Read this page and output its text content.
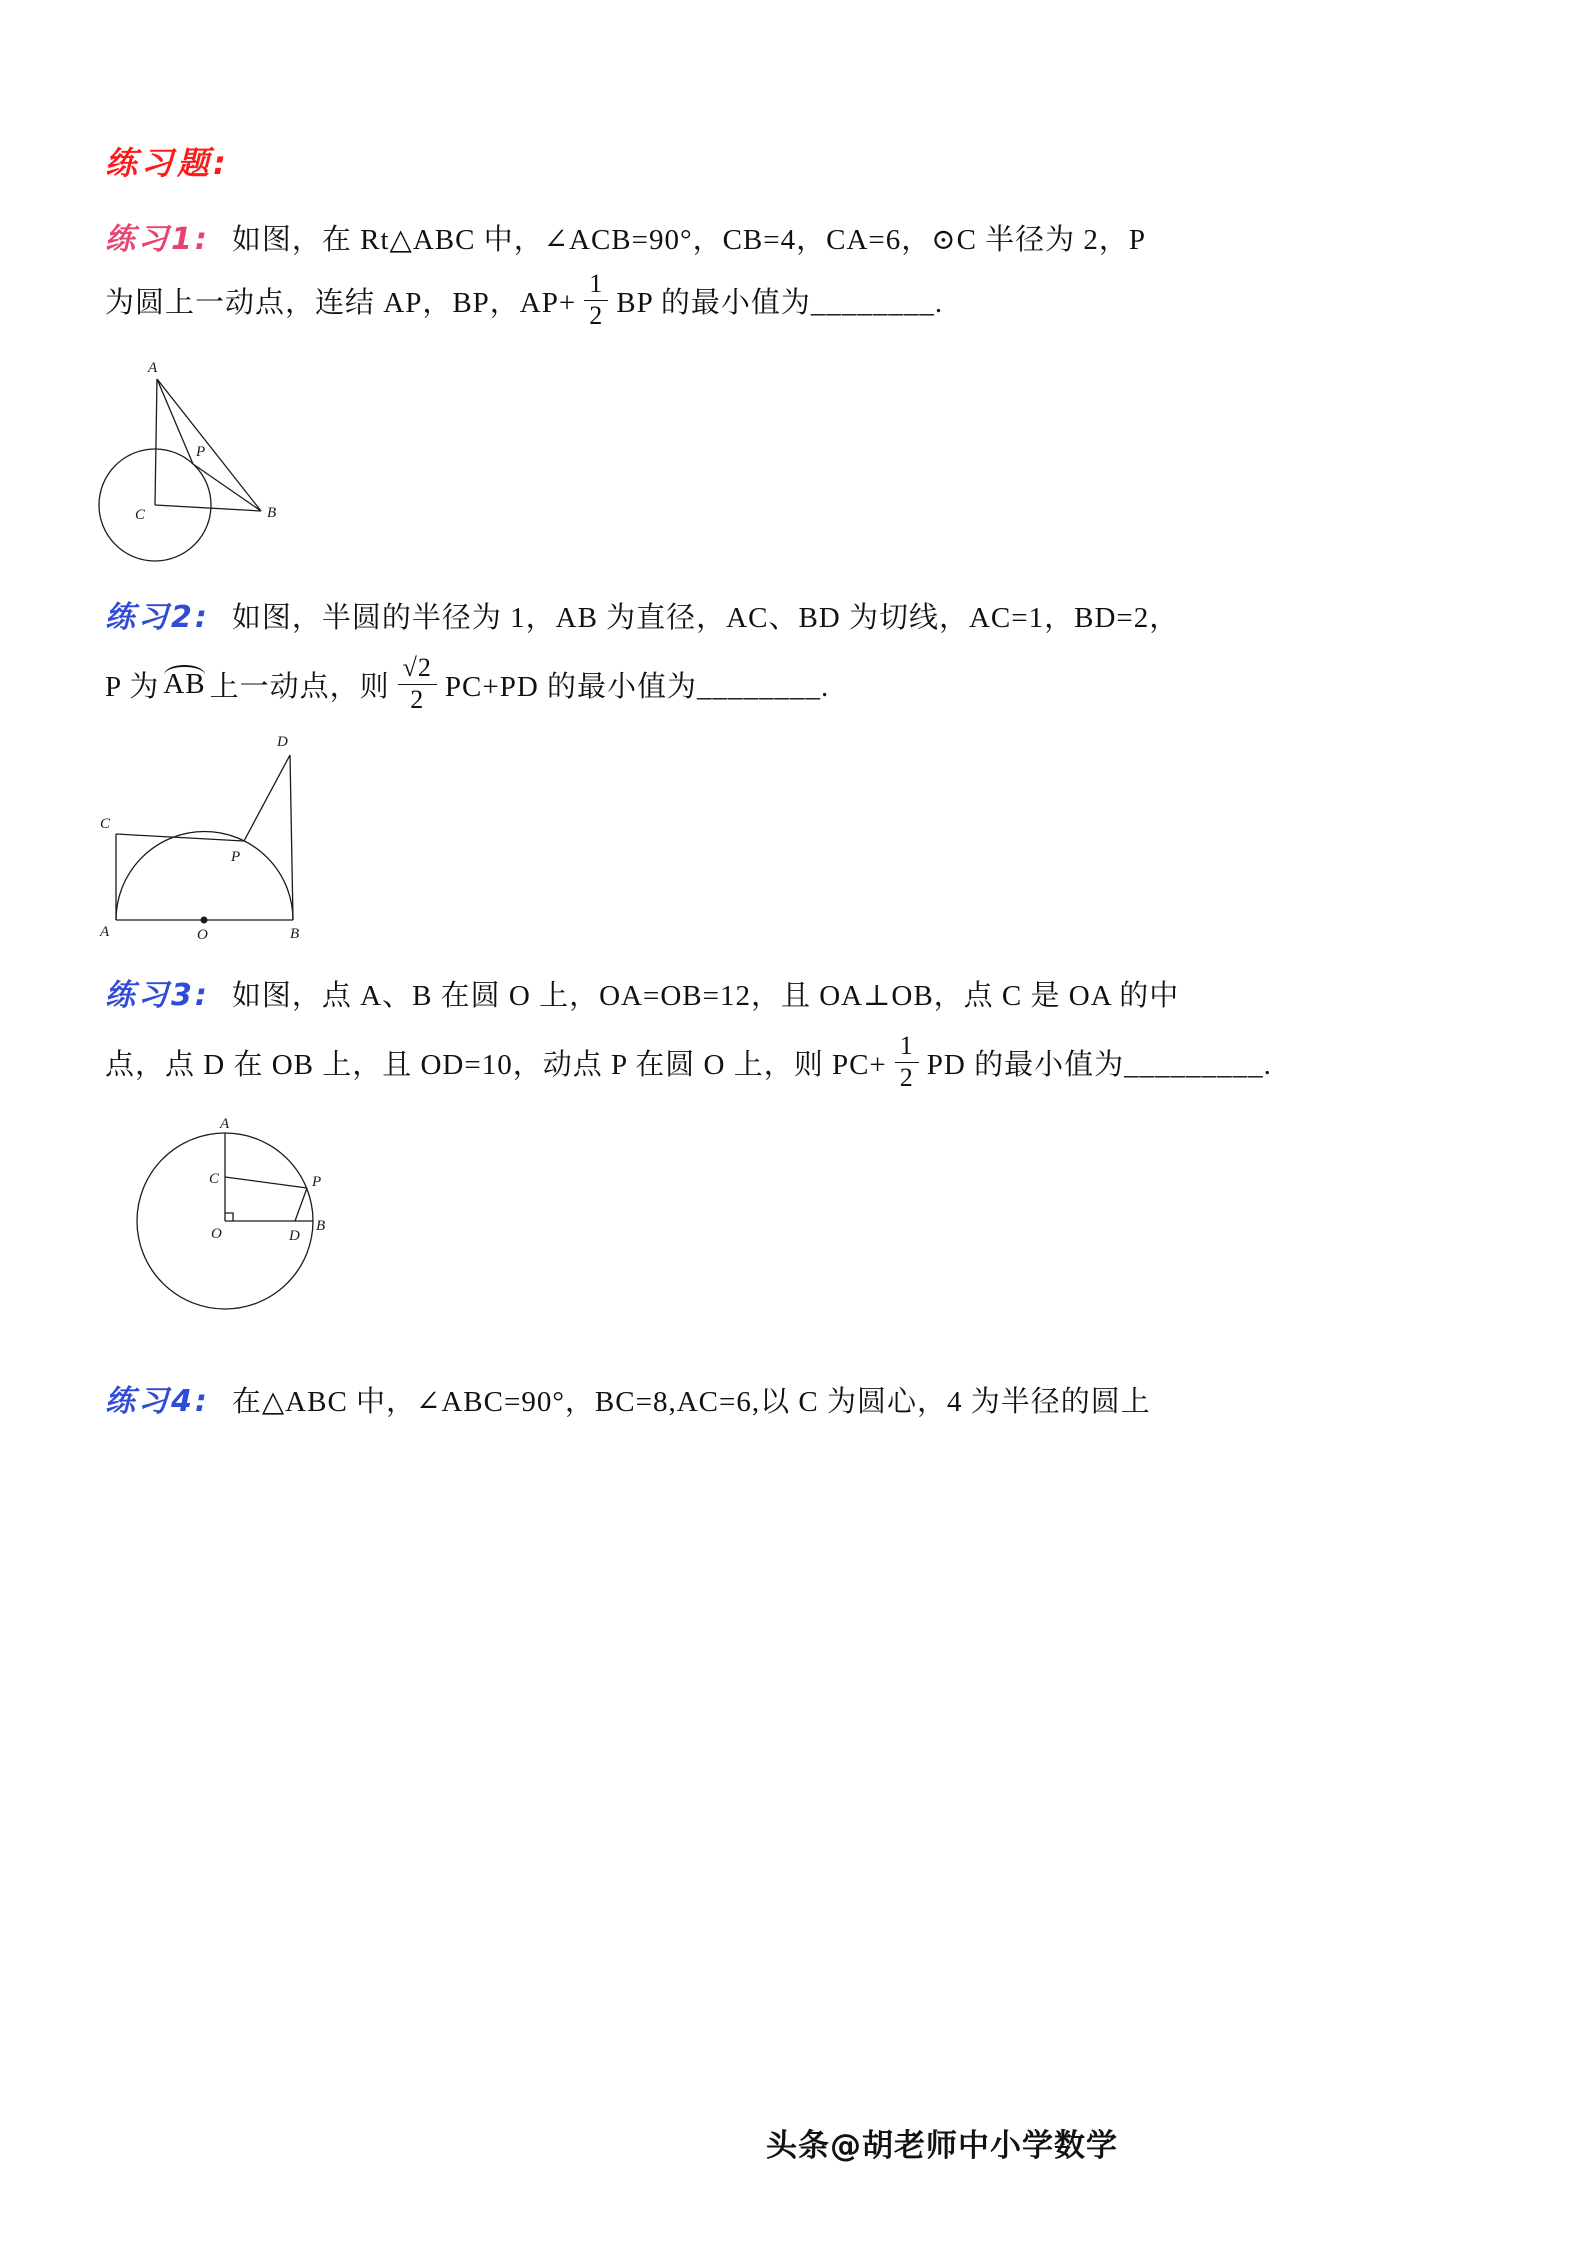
练习题:
练习1: 如图，在 Rt△ABC 中，∠ACB=90°，CB=4，CA=6，⊙C 半径为 2，P
为圆上一动点，连结 AP，BP，$AP+ \frac{1}{2}$ BP 的最小值为________.
A
P
C	B
练习2: 如图，半圆的半径为 1，AB 为直径，AC、BD 为切线，AC=1，BD=2，
P 为 AB 上一动点，则 $\frac{√2}{2} PC+PD$ 的最小值为________.
D
C
P
A	O	B
练习3: 如图，点 A、B 在圆 O 上，OA=OB=12，且 OA⊥OB，点 C 是 OA 的中
点，点 D 在 OB 上，且 OD=10，动点 P 在圆 O 上，则 $PC+ \frac{1}{2}$ PD 的最小值为_________.
A
C	P
O	D
B
练习4: 在△ABC 中，∠ABC=90°，BC=8,AC=6,以 C 为圆心，4 为半径的圆上
头条@胡老师中小学数学
